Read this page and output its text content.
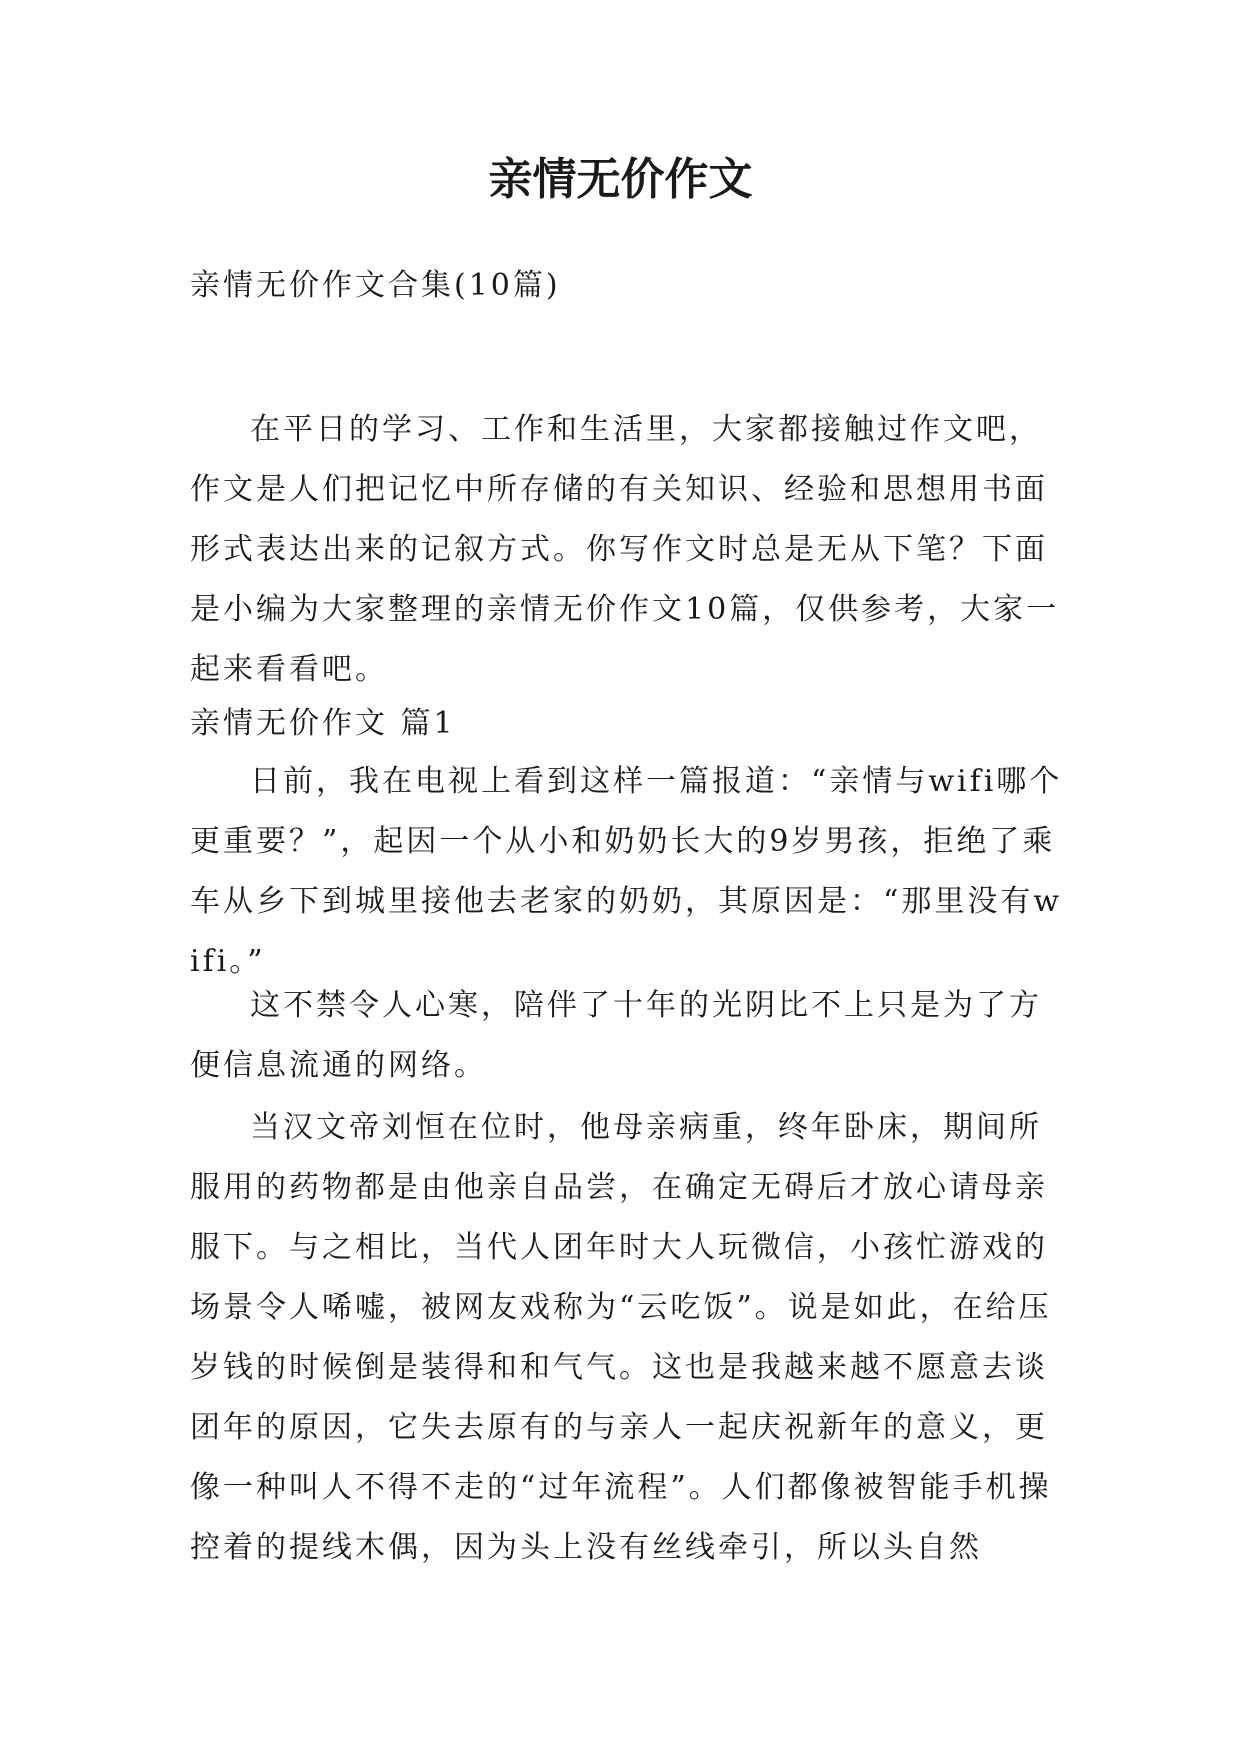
亲情无价作文

亲情无价作文合集(10篇)

在平日的学习、工作和生活里，大家都接触过作文吧，作文是人们把记忆中所存储的有关知识、经验和思想用书面形式表达出来的记叙方式。你写作文时总是无从下笔？下面是小编为大家整理的亲情无价作文10篇，仅供参考，大家一起来看看吧。

亲情无价作文 篇1

日前，我在电视上看到这样一篇报道：“亲情与wifi哪个更重要？”，起因一个从小和奶奶长大的9岁男孩，拒绝了乘车从乡下到城里接他去老家的奶奶，其原因是：“那里没有wifi。”

这不禁令人心寒，陪伴了十年的光阴比不上只是为了方便信息流通的网络。

当汉文帝刘恒在位时，他母亲病重，终年卧床，期间所服用的药物都是由他亲自品尝，在确定无碍后才放心请母亲服下。与之相比，当代人团年时大人玩微信，小孩忙游戏的场景令人唏嘘，被网友戏称为“云吃饭”。说是如此，在给压岁钱的时候倒是装得和和气气。这也是我越来越不愿意去谈团年的原因，它失去原有的与亲人一起庆祝新年的意义，更像一种叫人不得不走的“过年流程”。人们都像被智能手机操控着的提线木偶，因为头上没有丝线牵引，所以头自然
